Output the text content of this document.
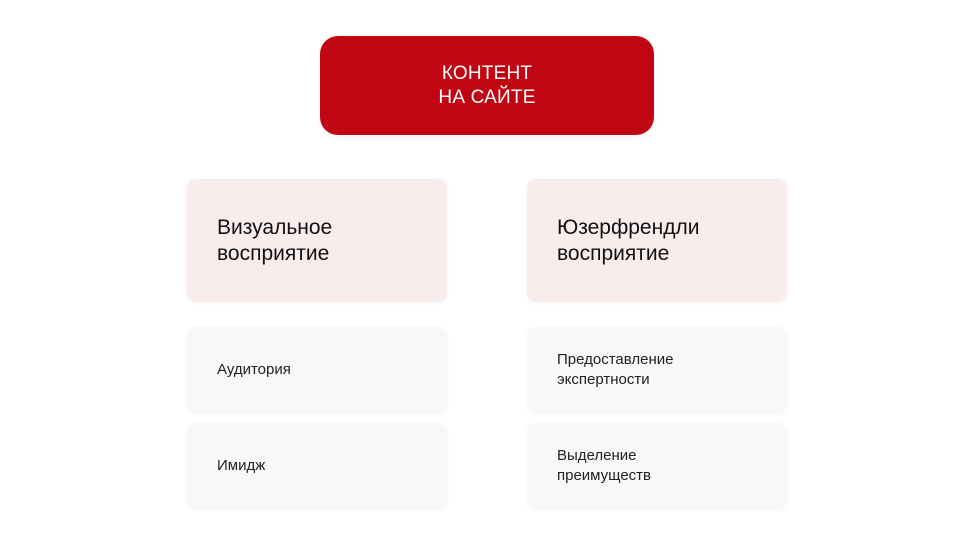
КОНТЕНТ
НА САЙТЕ
Визуальное
восприятие
Аудитория
Имидж
Юзерфрендли
восприятие
Предоставление
экспертности
Выделение
преимуществ
